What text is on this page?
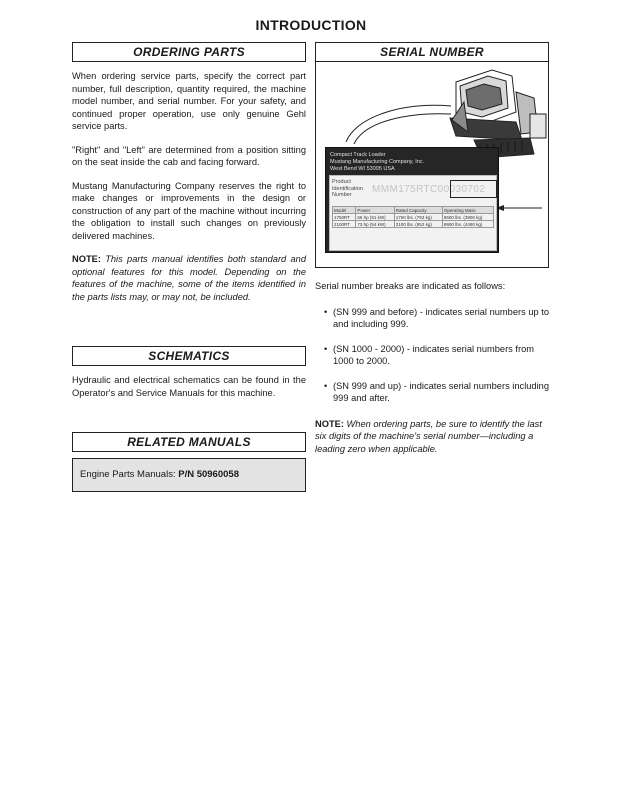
INTRODUCTION
ORDERING PARTS

When ordering service parts, specify the correct part number, full description, quantity required, the machine model number, and serial number. For your safety, and continued proper operation, use only genuine Gehl service parts.

"Right" and "Left" are determined from a position sitting on the seat inside the cab and facing forward.

Mustang Manufacturing Company reserves the right to make changes or improvements in the design or construction of any part of the machine without incurring the obligation to install such changes on previously delivered machines.

NOTE: This parts manual identifies both standard and optional features for this model. Depending on the features of the machine, some of the items identified in the parts lists may, or may not, be included.

SCHEMATICS

Hydraulic and electrical schematics can be found in the Operator's and Service Manuals for this machine.

RELATED MANUALS
Engine Parts Manuals: P/N 50960058
SERIAL NUMBER
Compact Track Loader
Mustang Manufacturing Company, Inc.
West Bend WI 53095 USA
Product
Identification
Number	MMM175RTC00030702
Model	Power	Rated Capacity	Operating Mass
1750RT	66 hp (51 kW)	1750 lbs. (793 kg)	8600 lbs. (3900 kg)
2100RT	73 hp (54 kW)	2100 lbs. (952 kg)	9900 lbs. (4490 kg)

Serial number breaks are indicated as follows:

• (SN 999 and before) - indicates serial numbers up to and including 999.
• (SN 1000 - 2000) - indicates serial numbers from 1000 to 2000.
• (SN 999 and up) - indicates serial numbers including 999 and after.

NOTE: When ordering parts, be sure to identify the last six digits of the machine's serial number—including a leading zero when applicable.
